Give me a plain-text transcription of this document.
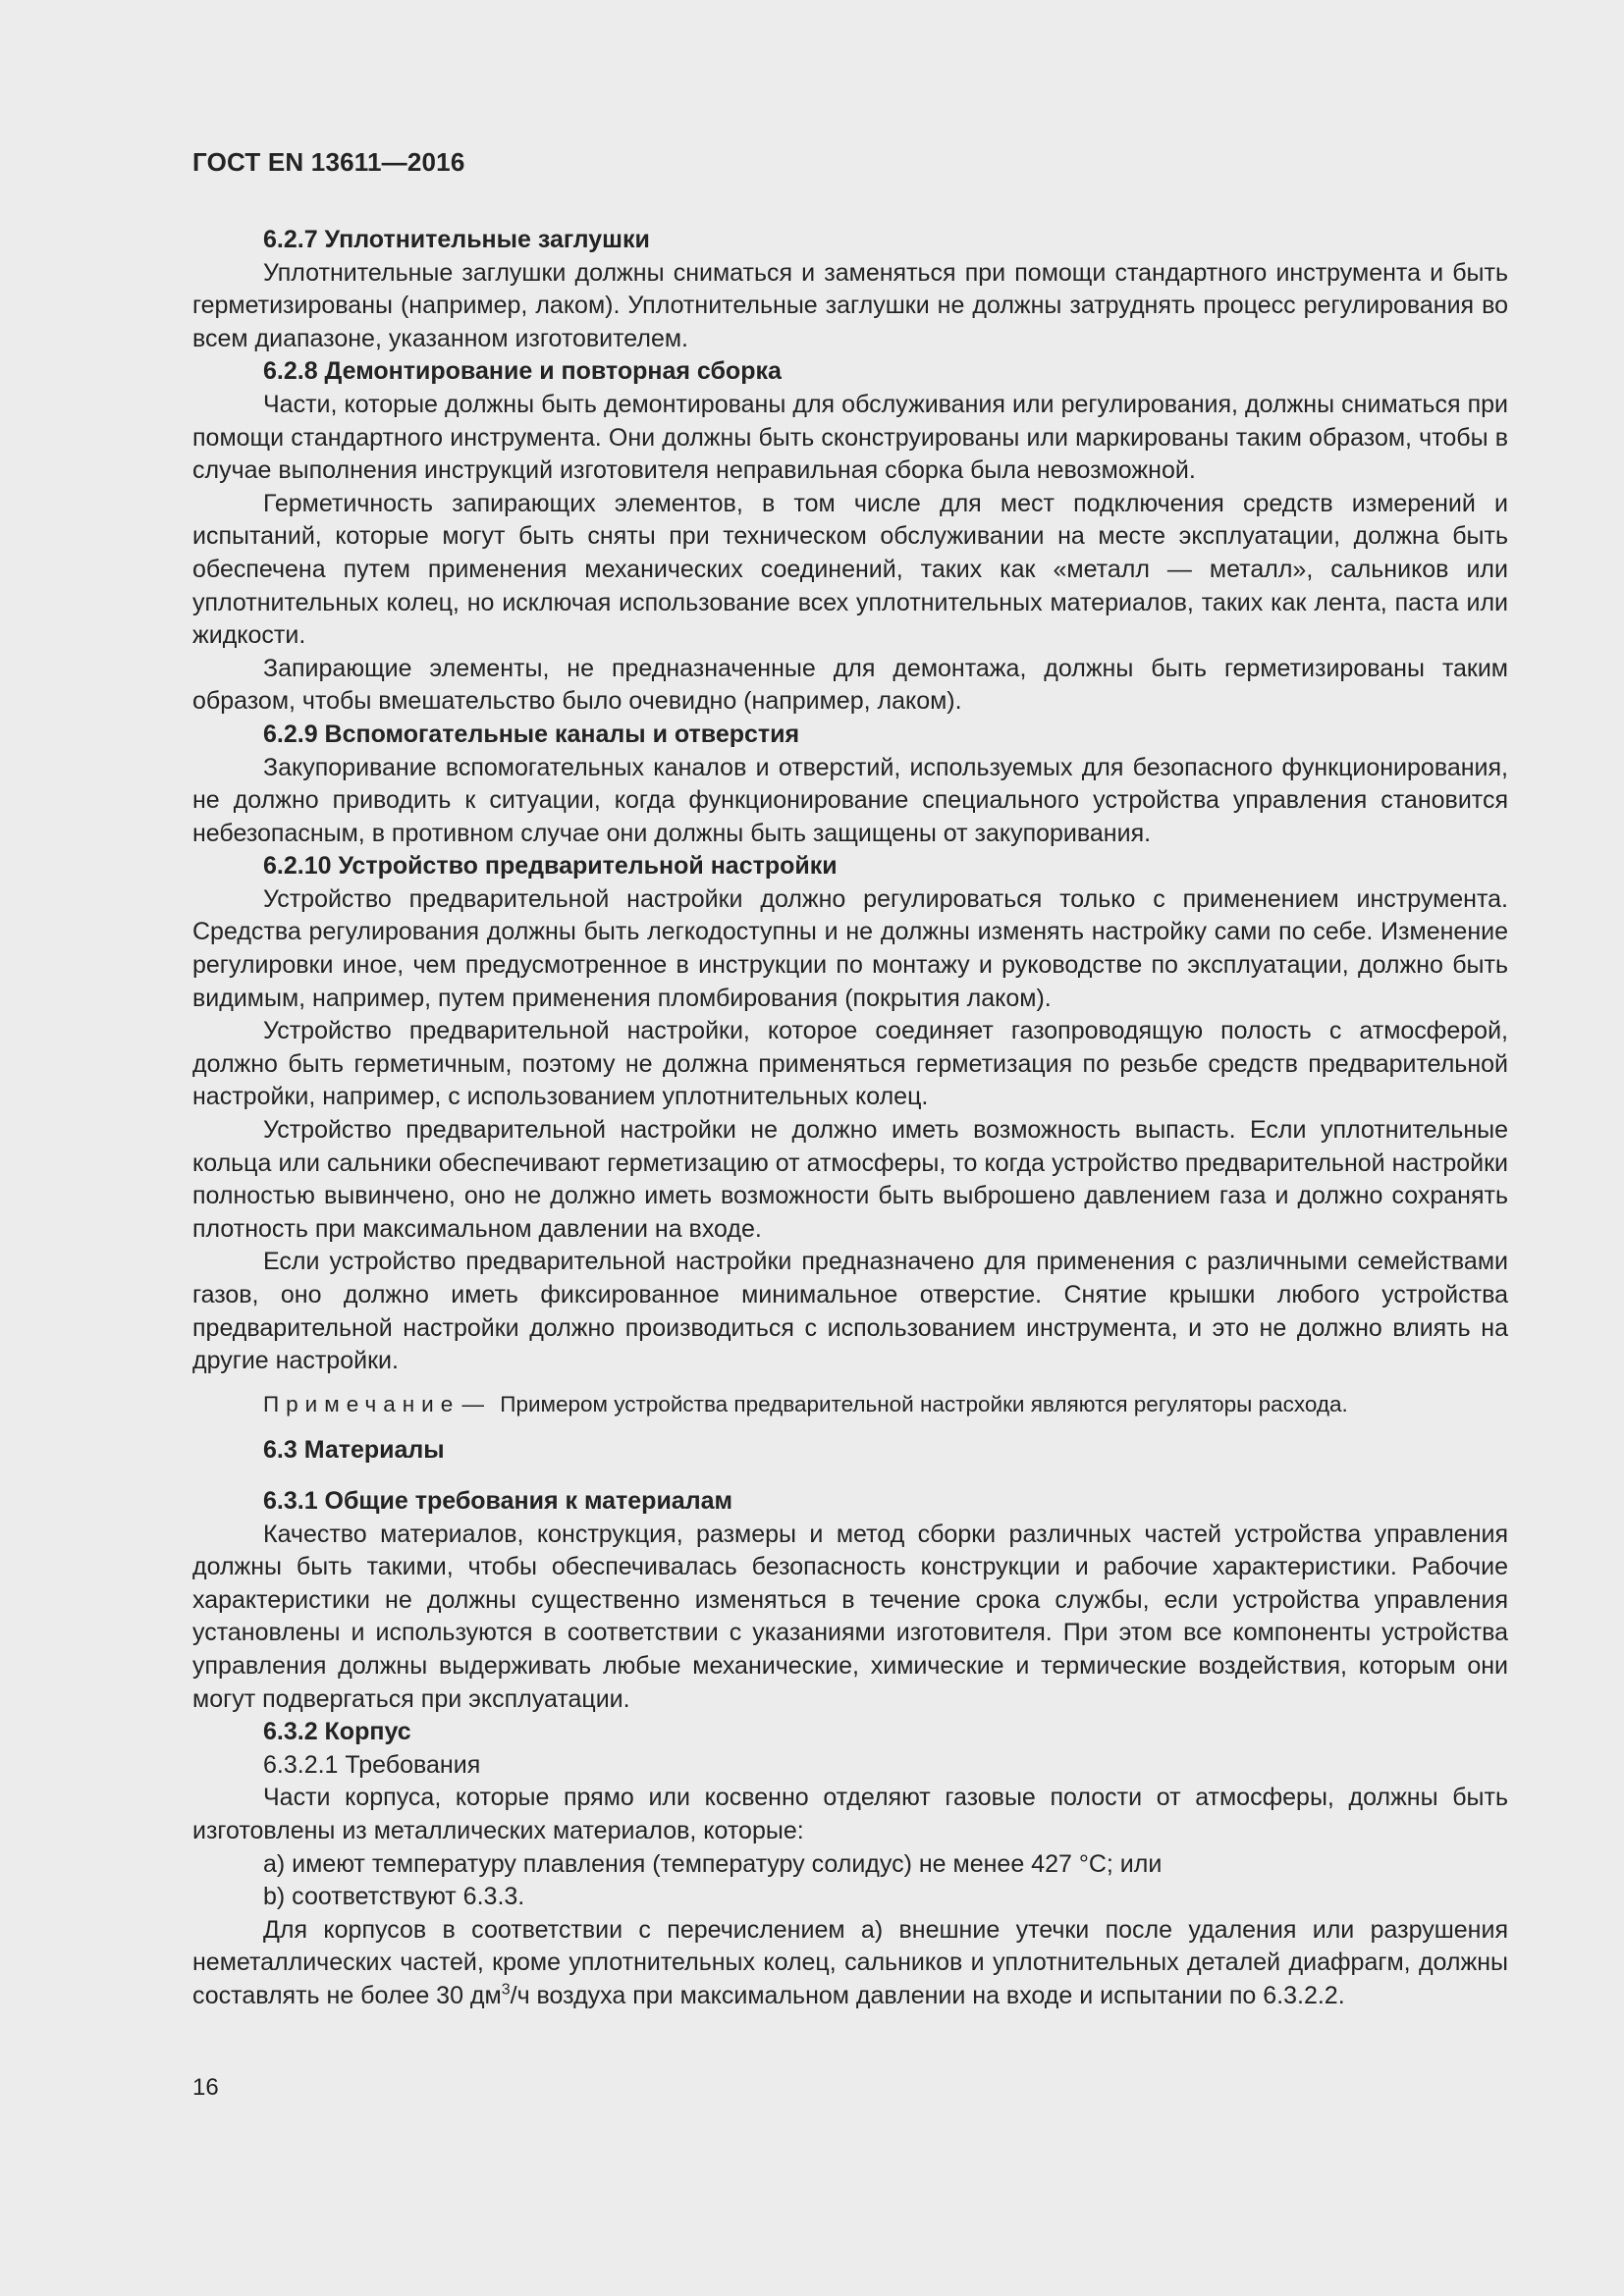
ГОСТ EN 13611—2016

6.2.7 Уплотнительные заглушки

Уплотнительные заглушки должны сниматься и заменяться при помощи стандартного инструмента и быть герметизированы (например, лаком). Уплотнительные заглушки не должны затруднять процесс регулирования во всем диапазоне, указанном изготовителем.

6.2.8 Демонтирование и повторная сборка

Части, которые должны быть демонтированы для обслуживания или регулирования, должны сниматься при помощи стандартного инструмента. Они должны быть сконструированы или маркированы таким образом, чтобы в случае выполнения инструкций изготовителя неправильная сборка была невозможной.

Герметичность запирающих элементов, в том числе для мест подключения средств измерений и испытаний, которые могут быть сняты при техническом обслуживании на месте эксплуатации, должна быть обеспечена путем применения механических соединений, таких как «металл — металл», сальников или уплотнительных колец, но исключая использование всех уплотнительных материалов, таких как лента, паста или жидкости.

Запирающие элементы, не предназначенные для демонтажа, должны быть герметизированы таким образом, чтобы вмешательство было очевидно (например, лаком).

6.2.9 Вспомогательные каналы и отверстия

Закупоривание вспомогательных каналов и отверстий, используемых для безопасного функционирования, не должно приводить к ситуации, когда функционирование специального устройства управления становится небезопасным, в противном случае они должны быть защищены от закупоривания.

6.2.10 Устройство предварительной настройки

Устройство предварительной настройки должно регулироваться только с применением инструмента. Средства регулирования должны быть легкодоступны и не должны изменять настройку сами по себе. Изменение регулировки иное, чем предусмотренное в инструкции по монтажу и руководстве по эксплуатации, должно быть видимым, например, путем применения пломбирования (покрытия лаком).

Устройство предварительной настройки, которое соединяет газопроводящую полость с атмосферой, должно быть герметичным, поэтому не должна применяться герметизация по резьбе средств предварительной настройки, например, с использованием уплотнительных колец.

Устройство предварительной настройки не должно иметь возможность выпасть. Если уплотнительные кольца или сальники обеспечивают герметизацию от атмосферы, то когда устройство предварительной настройки полностью вывинчено, оно не должно иметь возможности быть выброшено давлением газа и должно сохранять плотность при максимальном давлении на входе.

Если устройство предварительной настройки предназначено для применения с различными семействами газов, оно должно иметь фиксированное минимальное отверстие. Снятие крышки любого устройства предварительной настройки должно производиться с использованием инструмента, и это не должно влиять на другие настройки.

Примечание — Примером устройства предварительной настройки являются регуляторы расхода.

6.3 Материалы

6.3.1 Общие требования к материалам

Качество материалов, конструкция, размеры и метод сборки различных частей устройства управления должны быть такими, чтобы обеспечивалась безопасность конструкции и рабочие характеристики. Рабочие характеристики не должны существенно изменяться в течение срока службы, если устройства управления установлены и используются в соответствии с указаниями изготовителя. При этом все компоненты устройства управления должны выдерживать любые механические, химические и термические воздействия, которым они могут подвергаться при эксплуатации.

6.3.2 Корпус

6.3.2.1 Требования

Части корпуса, которые прямо или косвенно отделяют газовые полости от атмосферы, должны быть изготовлены из металлических материалов, которые:

а) имеют температуру плавления (температуру солидус) не менее 427 °С; или

b) соответствуют 6.3.3.

Для корпусов в соответствии с перечислением а) внешние утечки после удаления или разрушения неметаллических частей, кроме уплотнительных колец, сальников и уплотнительных деталей диафрагм, должны составлять не более 30 $дм^3/ч$ воздуха при максимальном давлении на входе и испытании по 6.3.2.2.

16
